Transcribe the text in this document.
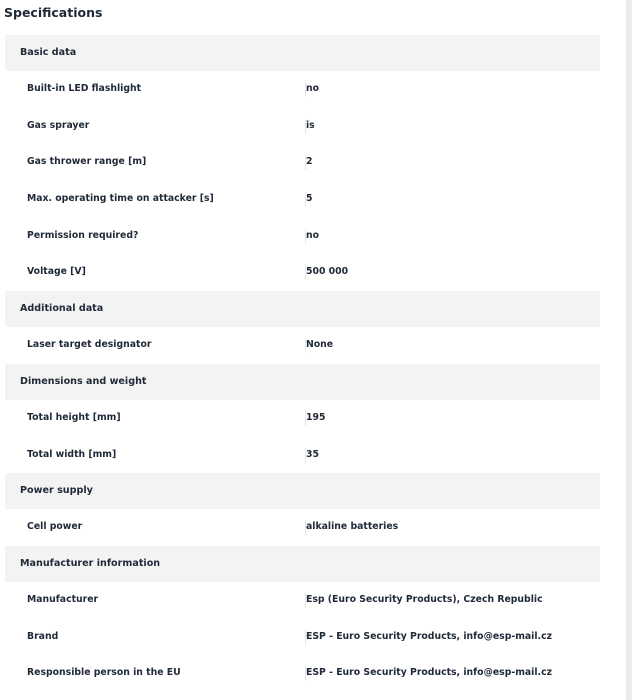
Specifications
Basic data
Built-in LED flashlight	no
Gas sprayer	is
Gas thrower range [m]	2
Max. operating time on attacker [s]	5
Permission required?	no
Voltage [V]	500 000
Additional data
Laser target designator	None
Dimensions and weight
Total height [mm]	195
Total width [mm]	35
Power supply
Cell power	alkaline batteries
Manufacturer information
Manufacturer	Esp (Euro Security Products), Czech Republic
Brand	ESP - Euro Security Products, info@esp-mail.cz
Responsible person in the EU	ESP - Euro Security Products, info@esp-mail.cz
